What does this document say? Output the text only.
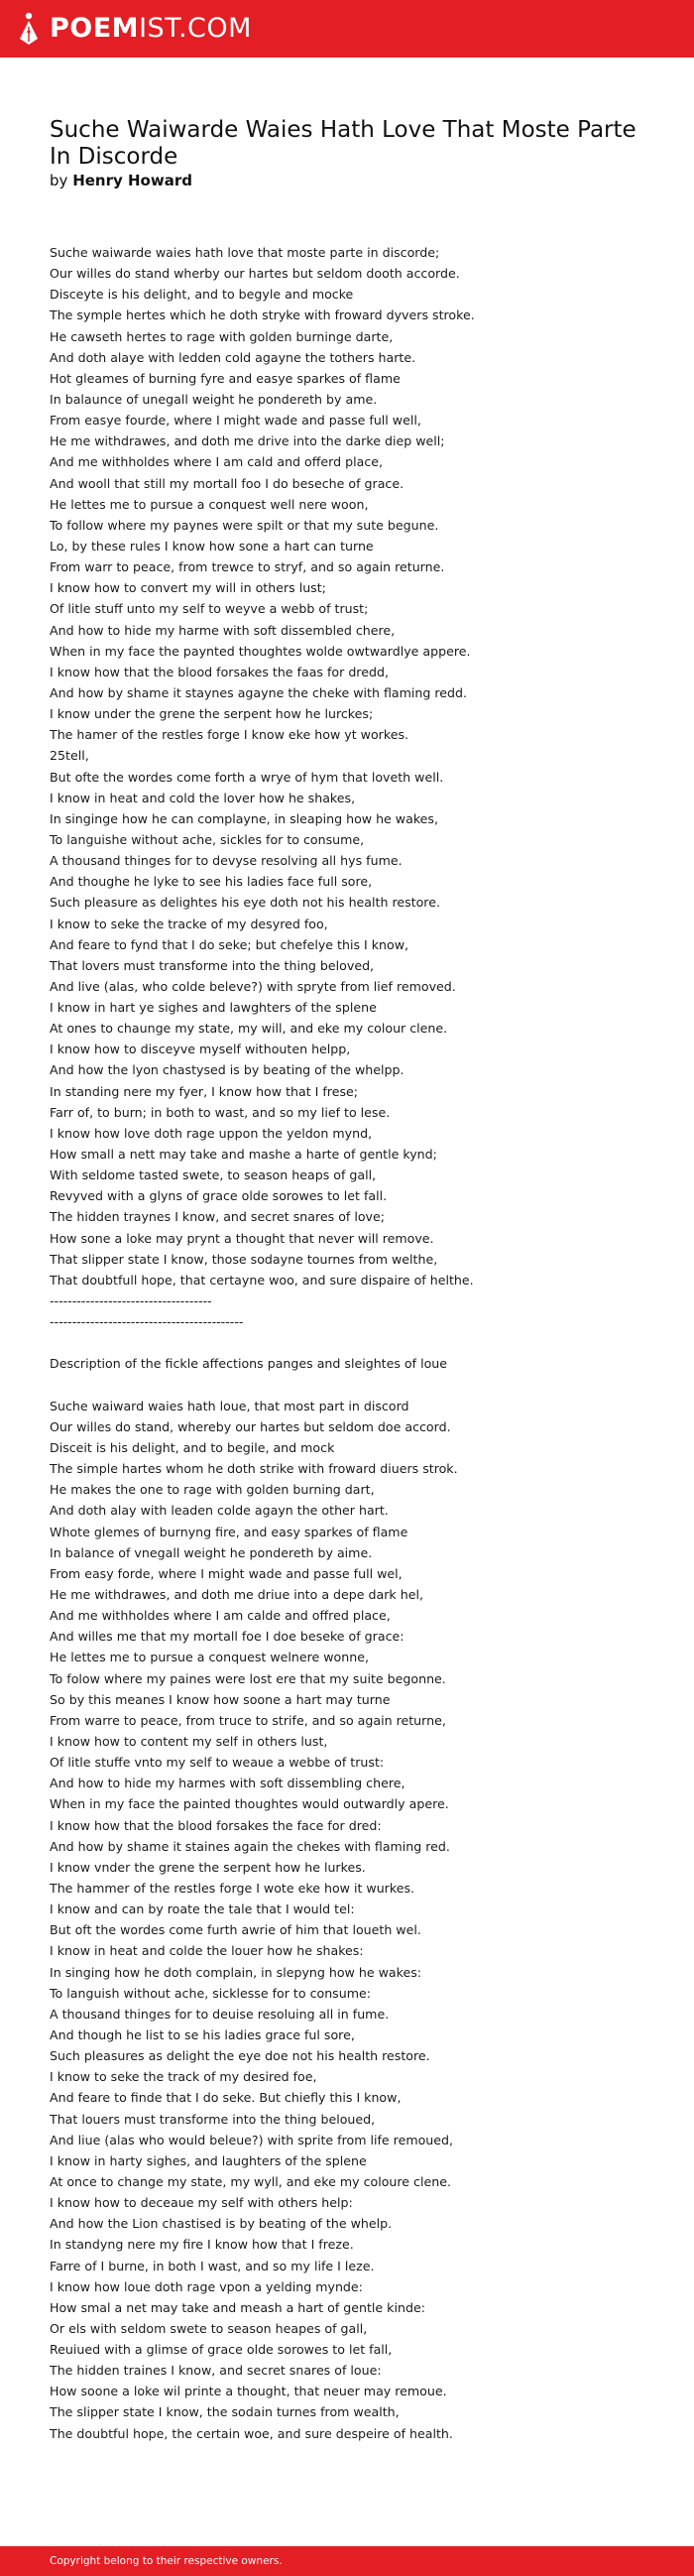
POEMIST.COM
Suche Waiwarde Waies Hath Love That Moste Parte In Discorde
by Henry Howard
Suche waiwarde waies hath love that moste parte in discorde;
Our willes do stand wherby our hartes but seldom dooth accorde.
Disceyte is his delight, and to begyle and mocke
The symple hertes which he doth stryke with froward dyvers stroke.
He cawseth hertes to rage with golden burninge darte,
And doth alaye with ledden cold agayne the tothers harte.
Hot gleames of burning fyre and easye sparkes of flame
In balaunce of unegall weight he pondereth by ame.
From easye fourde, where I might wade and passe full well,
He me withdrawes, and doth me drive into the darke diep well;
And me withholdes where I am cald and offerd place,
And wooll that still my mortall foo I do beseche of grace.
He lettes me to pursue a conquest well nere woon,
To follow where my paynes were spilt or that my sute begune.
Lo, by these rules I know how sone a hart can turne
From warr to peace, from trewce to stryf, and so again returne.
I know how to convert my will in others lust;
Of litle stuff unto my self to weyve a webb of trust;
And how to hide my harme with soft dissembled chere,
When in my face the paynted thoughtes wolde owtwardlye appere.
I know how that the blood forsakes the faas for dredd,
And how by shame it staynes agayne the cheke with flaming redd.
I know under the grene the serpent how he lurckes;
The hamer of the restles forge I know eke how yt workes.
25tell,
But ofte the wordes come forth a wrye of hym that loveth well.
I know in heat and cold the lover how he shakes,
In singinge how he can complayne, in sleaping how he wakes,
To languishe without ache, sickles for to consume,
A thousand thinges for to devyse resolving all hys fume.
And thoughe he lyke to see his ladies face full sore,
Such pleasure as delightes his eye doth not his health restore.
I know to seke the tracke of my desyred foo,
And feare to fynd that I do seke; but chefelye this I know,
That lovers must transforme into the thing beloved,
And live (alas, who colde beleve?) with spryte from lief removed.
I know in hart ye sighes and lawghters of the splene
At ones to chaunge my state, my will, and eke my colour clene.
I know how to disceyve myself withouten helpp,
And how the lyon chastysed is by beating of the whelpp.
In standing nere my fyer, I know how that I frese;
Farr of, to burn; in both to wast, and so my lief to lese.
I know how love doth rage uppon the yeldon mynd,
How small a nett may take and mashe a harte of gentle kynd;
With seldome tasted swete, to season heaps of gall,
Revyved with a glyns of grace olde sorowes to let fall.
The hidden traynes I know, and secret snares of love;
How sone a loke may prynt a thought that never will remove.
That slipper state I know, those sodayne tournes from welthe,
That doubtfull hope, that certayne woo, and sure dispaire of helthe.
------------------------------------
-------------------------------------------
Description of the fickle affections panges and sleightes of loue
Suche waiward waies hath loue, that most part in discord
Our willes do stand, whereby our hartes but seldom doe accord.
Disceit is his delight, and to begile, and mock
The simple hartes whom he doth strike with froward diuers strok.
He makes the one to rage with golden burning dart,
And doth alay with leaden colde agayn the other hart.
Whote glemes of burnyng fire, and easy sparkes of flame
In balance of vnegall weight he pondereth by aime.
From easy forde, where I might wade and passe full wel,
He me withdrawes, and doth me driue into a depe dark hel,
And me withholdes where I am calde and offred place,
And willes me that my mortall foe I doe beseke of grace:
He lettes me to pursue a conquest welnere wonne,
To folow where my paines were lost ere that my suite begonne.
So by this meanes I know how soone a hart may turne
From warre to peace, from truce to strife, and so again returne,
I know how to content my self in others lust,
Of litle stuffe vnto my self to weaue a webbe of trust:
And how to hide my harmes with soft dissembling chere,
When in my face the painted thoughtes would outwardly apere.
I know how that the blood forsakes the face for dred:
And how by shame it staines again the chekes with flaming red.
I know vnder the grene the serpent how he lurkes.
The hammer of the restles forge I wote eke how it wurkes.
I know and can by roate the tale that I would tel:
But oft the wordes come furth awrie of him that loueth wel.
I know in heat and colde the louer how he shakes:
In singing how he doth complain, in slepyng how he wakes:
To languish without ache, sicklesse for to consume:
A thousand thinges for to deuise resoluing all in fume.
And though he list to se his ladies grace ful sore,
Such pleasures as delight the eye doe not his health restore.
I know to seke the track of my desired foe,
And feare to finde that I do seke. But chiefly this I know,
That louers must transforme into the thing beloued,
And liue (alas who would beleue?) with sprite from life remoued,
I know in harty sighes, and laughters of the splene
At once to change my state, my wyll, and eke my coloure clene.
I know how to deceaue my self with others help:
And how the Lion chastised is by beating of the whelp.
In standyng nere my fire I know how that I freze.
Farre of I burne, in both I wast, and so my life I leze.
I know how loue doth rage vpon a yelding mynde:
How smal a net may take and meash a hart of gentle kinde:
Or els with seldom swete to season heapes of gall,
Reuiued with a glimse of grace olde sorowes to let fall,
The hidden traines I know, and secret snares of loue:
How soone a loke wil printe a thought, that neuer may remoue.
The slipper state I know, the sodain turnes from wealth,
The doubtful hope, the certain woe, and sure despeire of health.
Copyright belong to their respective owners.
